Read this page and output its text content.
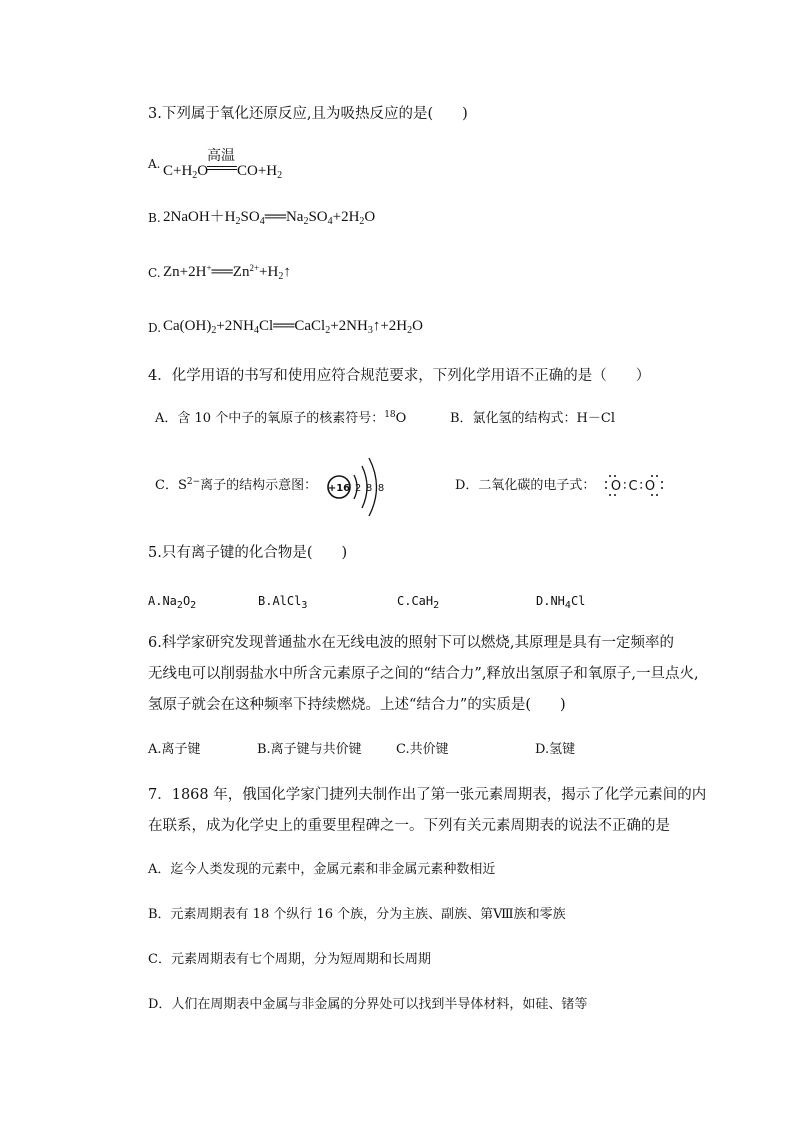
3.下列属于氧化还原反应,且为吸热反应的是(　　)
A.	高温
$C+H_2O$ $CO+H_2$
B. $2NaOH+H_2SO_4══Na_2SO_4+2H_2O$
C. $Zn+2H^+══Zn^{2+}+H_2↑$
D. $Ca(OH)_2+2NH_4Cl══CaCl_2+2NH_3↑+2H_2O$
4．化学用语的书写和使用应符合规范要求，下列化学用语不正确的是（　　）
A．含 10 个中子的氧原子的核素符号：$^{18}$O	B．氯化氢的结构式：H－Cl
C．$S^{2-}$离子的结构示意图： +16 2 8 8	D．二氧化碳的电子式： O∶C∶O
5.只有离子键的化合物是(　　)
$A.Na_2O_2$	B.AlCl$_3$	C.CaH$_2$	$D.NH_4Cl$
6.科学家研究发现普通盐水在无线电波的照射下可以燃烧,其原理是具有一定频率的
无线电可以削弱盐水中所含元素原子之间的“结合力”,释放出氢原子和氧原子,一旦点火,
氢原子就会在这种频率下持续燃烧。上述“结合力”的实质是(　　)
A.离子键	B.离子键与共价键	C.共价键	D.氢键
7．1868 年，俄国化学家门捷列夫制作出了第一张元素周期表，揭示了化学元素间的内
在联系，成为化学史上的重要里程碑之一。下列有关元素周期表的说法不正确的是
A．迄今人类发现的元素中，金属元素和非金属元素种数相近
B．元素周期表有 18 个纵行 16 个族，分为主族、副族、第Ⅷ族和零族
C．元素周期表有七个周期，分为短周期和长周期
D．人们在周期表中金属与非金属的分界处可以找到半导体材料，如硅、锗等
